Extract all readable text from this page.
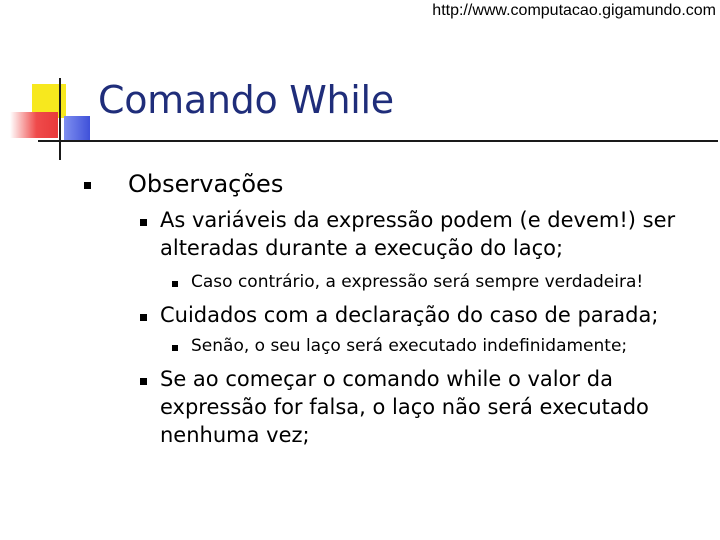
http://www.computacao.gigamundo.com
Comando While
Observações
As variáveis da expressão podem (e devem!) ser
alteradas durante a execução do laço;
Caso contrário, a expressão será sempre verdadeira!
Cuidados com a declaração do caso de parada;
Senão, o seu laço será executado indefinidamente;
Se ao começar o comando while o valor da
expressão for falsa, o laço não será executado
nenhuma vez;
